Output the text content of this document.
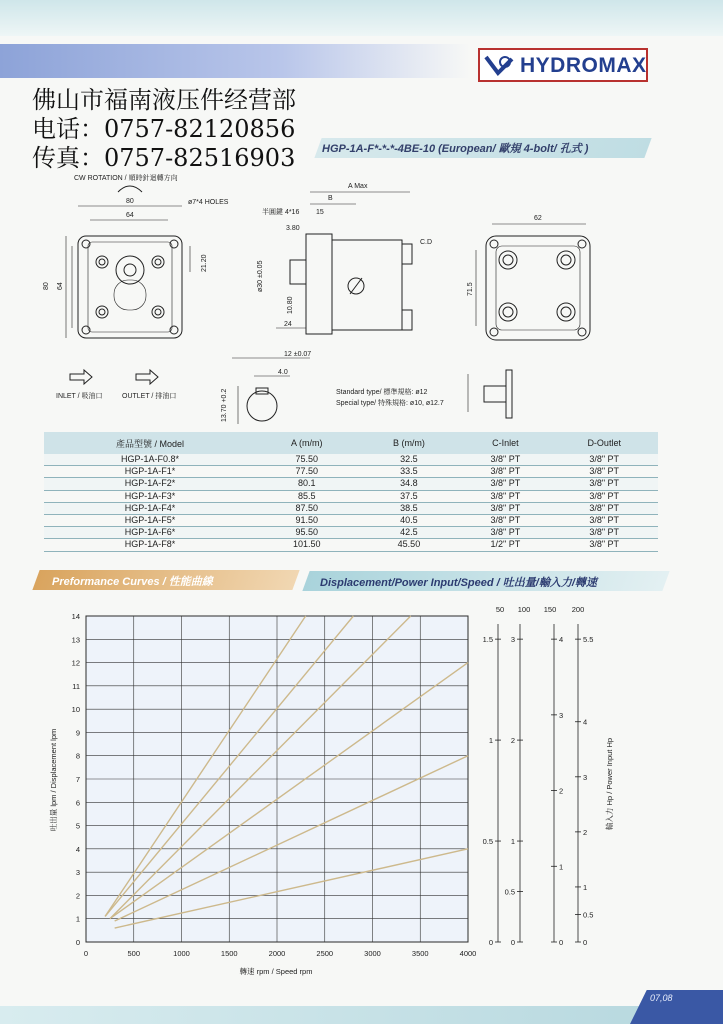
HYDROMAX
佛山市福南液压件经营部
电话：0757-82120856
传真：0757-82516903 HGP-1A-F*-*-*-4BE-10 (European/ 歐規 4-bolt/ 孔式 )
CW ROTATION / 順時針迴轉方向
ø7*4 HOLES
80
64
80 64
21.20
A Max
B
半圓鍵 4*16 15
3.80
C.D
ø30 ±0.05
10.80
24
62
71.5
12 ±0.07
4.0
13.70 +0.2
INLET / 吸油口	OUTLET / 排油口
Standard type/ 標準規格: ø12
Special type/ 特殊規格: ø10, ø12.7
產品型號 / Model	A (m/m)	B (m/m)	C-Inlet	D-Outlet
HGP-1A-F0.8*	75.50	32.5	3/8" PT	3/8" PT
HGP-1A-F1*	77.50	33.5	3/8" PT	3/8" PT
HGP-1A-F2*	80.1	34.8	3/8" PT	3/8" PT
HGP-1A-F3*	85.5	37.5	3/8" PT	3/8" PT
HGP-1A-F4*	87.50	38.5	3/8" PT	3/8" PT
HGP-1A-F5*	91.50	40.5	3/8" PT	3/8" PT
HGP-1A-F6*	95.50	42.5	3/8" PT	3/8" PT
HGP-1A-F8*	101.50	45.50	1/2" PT	3/8" PT
Preformance Curves / 性能曲線	Displacement/Power Input/Speed / 吐出量/輸入力/轉速
0	500	1000	1500	2000	2500	3000	3500	4000
0
1
2
3
4
5
6
7
8
9
10
11
12
13
14
轉速 rpm / Speed rpm
吐出量 lpm / Displacement lpm
50 100 150 200
0
0.5
1
1.5
0
0.5
1
2
3
0
1
2
3
4
0
0.5
1
2
3
4
5.5
輸入力 Hp / Power Input Hp
07,08
